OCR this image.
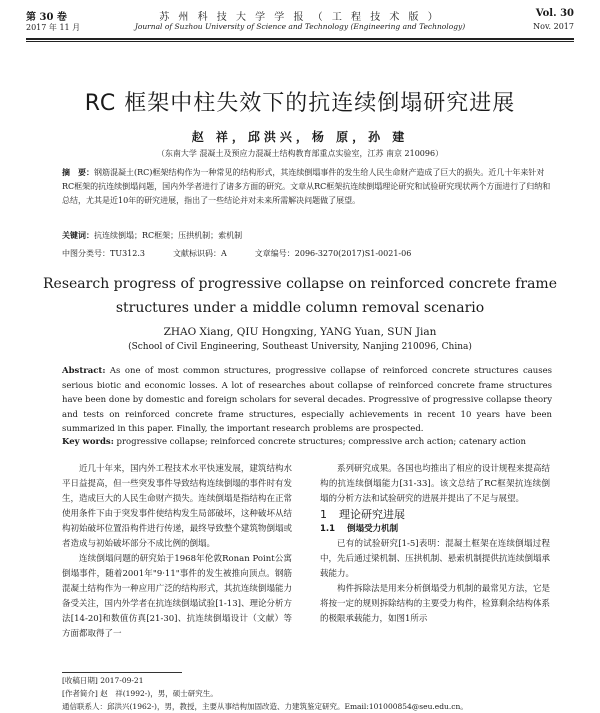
第 30 卷
2017 年 11 月
苏 州 科 技 大 学 学 报 （ 工 程 技 术 版 ）
Journal of Suzhou University of Science and Technology (Engineering and Technology)
Vol. 30
Nov. 2017
RC 框架中柱失效下的抗连续倒塌研究进展
赵 祥，邱洪兴，杨 原，孙 建
（东南大学 混凝土及预应力混凝土结构教育部重点实验室，江苏 南京 210096）
摘　要：钢筋混凝土(RC)框架结构作为一种常见的结构形式，其连续倒塌事件的发生给人民生命财产造成了巨大的损失。近几十年来针对RC框架的抗连续倒塌问题，国内外学者进行了诸多方面的研究。文章从RC框架抗连续倒塌理论研究和试验研究现状两个方面进行了归纳和总结，尤其是近10年的研究进展，指出了一些结论并对未来所需解决问题做了展望。
关键词：抗连续倒塌；RC框架；压拱机制；索机制
中图分类号：TU312.3	文献标识码：A	文章编号：2096-3270(2017)S1-0021-06
Research progress of progressive collapse on reinforced concrete frame structures under a middle column removal scenario
ZHAO Xiang, QIU Hongxing, YANG Yuan, SUN Jian
(School of Civil Engineering, Southeast University, Nanjing 210096, China)
Abstract: As one of most common structures, progressive collapse of reinforced concrete structures causes serious biotic and economic losses. A lot of researches about collapse of reinforced concrete frame structures have been done by domestic and foreign scholars for several decades. Progressive of progressive collapse theory and tests on reinforced concrete frame structures, especially achievements in recent 10 years have been summarized in this paper. Finally, the important research problems are prospected.
Key words: progressive collapse; reinforced concrete structures; compressive arch action; catenary action

近几十年来，国内外工程技术水平快速发展，建筑结构水平日益提高，但一些突发事件导致结构连续倒塌的事件时有发生，造成巨大的人民生命财产损失。连续倒塌是指结构在正常使用条件下由于突发事件使结构发生局部破坏，这种破坏从结构初始破坏位置沿构件进行传递，最终导致整个建筑物倒塌或者造成与初始破坏部分不成比例的倒塌。

连续倒塌问题的研究始于1968年伦敦Ronan Point公寓倒塌事件，随着2001年"9·11"事件的发生被推向顶点。钢筋混凝土结构作为一种应用广泛的结构形式，其抗连续倒塌能力备受关注，国内外学者在抗连续倒塌试验[1-13]、理论分析方法[14-20]和数值仿真[21-30]、抗连续倒塌设计（文献）等方面都取得了一

系列研究成果。各国也均推出了相应的设计规程来提高结构的抗连续倒塌能力[31-33]。该文总结了RC框架抗连续倒塌的分析方法和试验研究的进展并提出了不足与展望。

1 理论研究进展

1.1 倒塌受力机制

已有的试验研究[1-5]表明：混凝土框架在连续倒塌过程中，先后通过梁机制、压拱机制、悬索机制提供抗连续倒塌承载能力。

构件拆除法是用来分析倒塌受力机制的最常见方法，它是将按一定的规则拆除结构的主要受力构件，检算剩余结构体系的极限承载能力，如图1所示

[收稿日期] 2017-09-21
[作者简介] 赵　祥(1992-)，男，硕士研究生。
通信联系人：邱洪兴(1962-)，男，教授，主要从事结构加固改造、力建筑鉴定研究。Email:101000854@seu.edu.cn。
